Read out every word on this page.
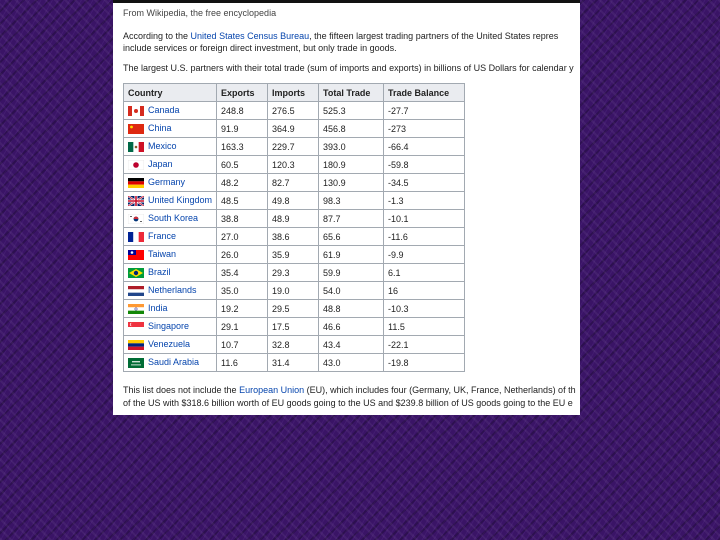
From Wikipedia, the free encyclopedia
According to the United States Census Bureau, the fifteen largest trading partners of the United States repres
include services or foreign direct investment, but only trade in goods.
The largest U.S. partners with their total trade (sum of imports and exports) in billions of US Dollars for calendar y
Country	Exports	Imports	Total Trade	Trade Balance

Canada	248.8	276.5	525.3	-27.7

China	91.9	364.9	456.8	-273

Mexico	163.3	229.7	393.0	-66.4

Japan	60.5	120.3	180.9	-59.8

Germany	48.2	82.7	130.9	-34.5

United Kingdom	48.5	49.8	98.3	-1.3

South Korea	38.8	48.9	87.7	-10.1

France	27.0	38.6	65.6	-11.6

Taiwan	26.0	35.9	61.9	-9.9

Brazil	35.4	29.3	59.9	6.1

Netherlands	35.0	19.0	54.0	16

India	19.2	29.5	48.8	-10.3

Singapore	29.1	17.5	46.6	11.5

Venezuela	10.7	32.8	43.4	-22.1

Saudi Arabia	11.6	31.4	43.0	-19.8
This list does not include the European Union (EU), which includes four (Germany, UK, France, Netherlands) of th
of the US with $318.6 billion worth of EU goods going to the US and $239.8 billion of US goods going to the EU e
